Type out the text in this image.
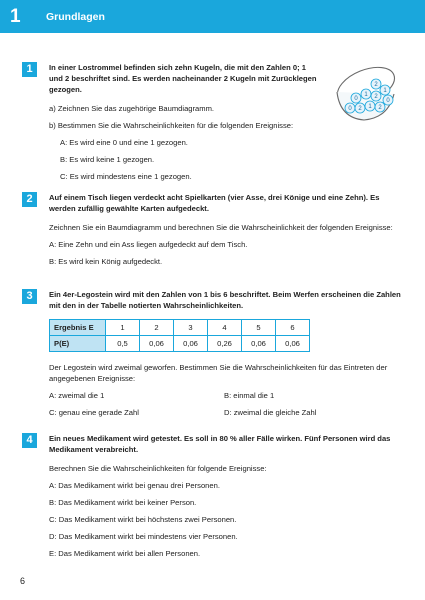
1	Grundlagen
1	In einer Lostrommel befinden sich zehn Kugeln, die mit den Zahlen 0; 1 und 2 beschriftet sind. Es werden nacheinander 2 Kugeln mit Zurücklegen gezogen.
a) Zeichnen Sie das zugehörige Baumdiagramm.
b) Bestimmen Sie die Wahrscheinlichkeiten für die folgenden Ereignisse:
A: Es wird eine 0 und eine 1 gezogen.
B: Es wird keine 1 gezogen.
C: Es wird mindestens eine 1 gezogen.
2
0
1 2
1
0 2 1 2
0
2	Auf einem Tisch liegen verdeckt acht Spielkarten (vier Asse, drei Könige und eine Zehn). Es werden zufällig gewählte Karten aufgedeckt.
Zeichnen Sie ein Baumdiagramm und berechnen Sie die Wahrscheinlichkeit der folgenden Ereignisse:
A: Eine Zehn und ein Ass liegen aufgedeckt auf dem Tisch.
B: Es wird kein König aufgedeckt.
3	Ein 4er-Legostein wird mit den Zahlen von 1 bis 6 beschriftet. Beim Werfen erscheinen die Zahlen mit den in der Tabelle notierten Wahrscheinlichkeiten.
Ergebnis E	1	2	3	4	5	6
P(E)	0,5	0,06	0,06	0,26	0,06	0,06
Der Legostein wird zweimal geworfen. Bestimmen Sie die Wahrscheinlichkeiten für das Eintreten der angegebenen Ereignisse:
A: zweimal die 1	B: einmal die 1
C: genau eine gerade Zahl	D: zweimal die gleiche Zahl
4	Ein neues Medikament wird getestet. Es soll in 80 % aller Fälle wirken. Fünf Personen wird das Medikament verabreicht.
Berechnen Sie die Wahrscheinlichkeiten für folgende Ereignisse:
A: Das Medikament wirkt bei genau drei Personen.
B: Das Medikament wirkt bei keiner Person.
C: Das Medikament wirkt bei höchstens zwei Personen.
D: Das Medikament wirkt bei mindestens vier Personen.
E: Das Medikament wirkt bei allen Personen.
6
